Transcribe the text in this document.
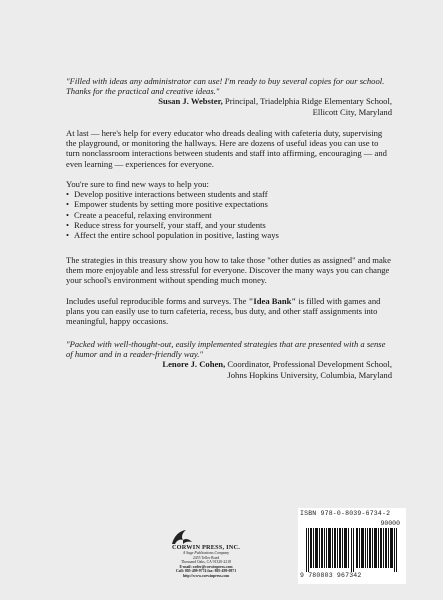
"Filled with ideas any administrator can use! I'm ready to buy several copies for our school. Thanks for the practical and creative ideas."

Susan J. Webster, Principal, Triadelphia Ridge Elementary School,
Ellicott City, Maryland

At last — here's help for every educator who dreads dealing with cafeteria duty, supervising the playground, or monitoring the hallways. Here are dozens of useful ideas you can use to turn nonclassroom interactions between students and staff into affirming, encouraging — and even learning — experiences for everyone.

You're sure to find new ways to help you:

• Develop positive interactions between students and staff
• Empower students by setting more positive expectations
• Create a peaceful, relaxing environment
• Reduce stress for yourself, your staff, and your students
• Affect the entire school population in positive, lasting ways

The strategies in this treasury show you how to take those "other duties as assigned" and make them more enjoyable and less stressful for everyone. Discover the many ways you can change your school's environment without spending much money.

Includes useful reproducible forms and surveys. The "Idea Bank" is filled with games and plans you can easily use to turn cafeteria, recess, bus duty, and other staff assignments into meaningful, happy occasions.

"Packed with well-thought-out, easily implemented strategies that are presented with a sense of humor and in a reader-friendly way."

Lenore J. Cohen, Coordinator, Professional Development School,
Johns Hopkins University, Columbia, Maryland
CORWIN PRESS, INC.
A Sage Publications Company
2455 Teller Road
Thousand Oaks, CA 91320-2218
E-mail: order@corwinpress.com
Call: 805-499-9774 fax: 805-499-0871
http://www.corwinpress.com
ISBN 978-0-8039-6734-2
90000
9 780803 967342
